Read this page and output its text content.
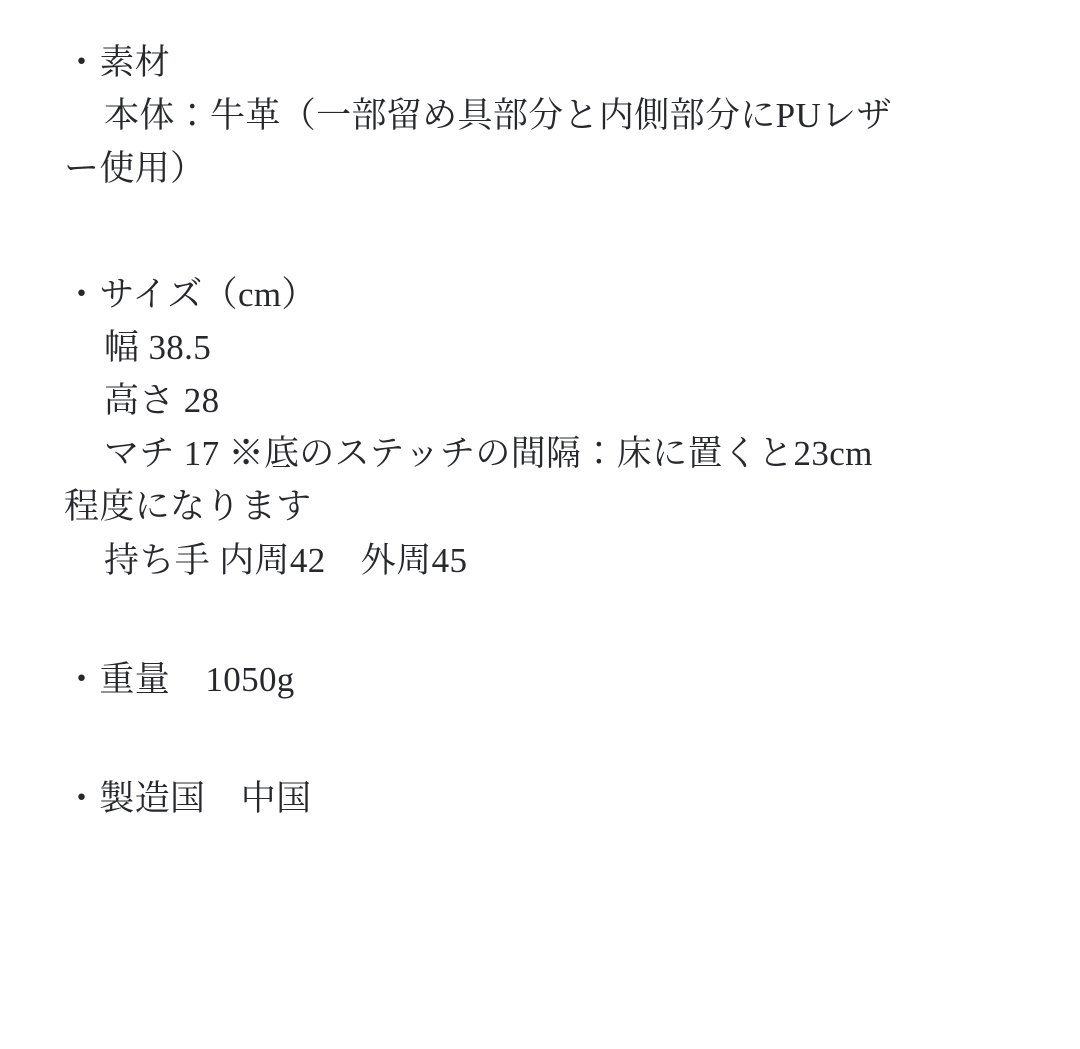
・素材
本体：牛革（一部留め具部分と内側部分にPUレザ
ー使用）
・サイズ（cm）
幅 38.5
高さ 28
マチ 17 ※底のステッチの間隔：床に置くと23cm
程度になります
持ち手 内周42　外周45
・重量　1050g
・製造国　中国
